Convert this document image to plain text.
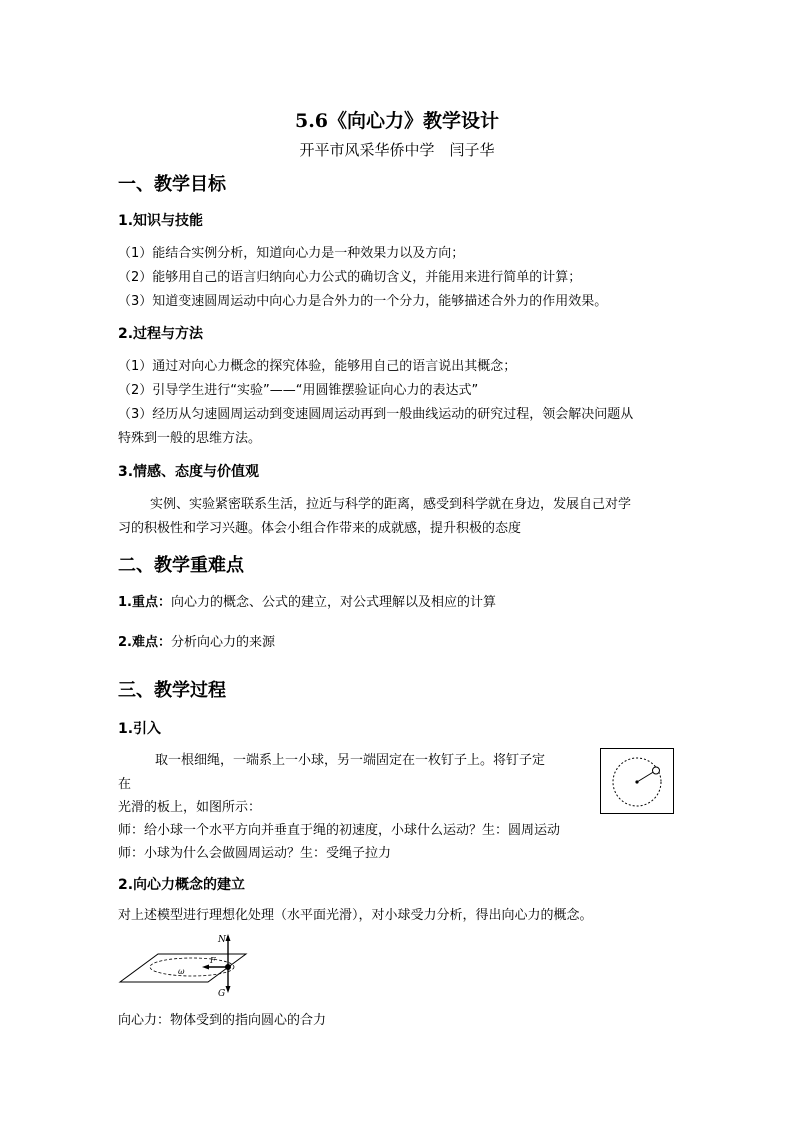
5.6《向心力》教学设计
开平市风采华侨中学　闫子华
一、教学目标
1.知识与技能
（1）能结合实例分析，知道向心力是一种效果力以及方向；
（2）能够用自己的语言归纳向心力公式的确切含义，并能用来进行简单的计算；
（3）知道变速圆周运动中向心力是合外力的一个分力，能够描述合外力的作用效果。
2.过程与方法
（1）通过对向心力概念的探究体验，能够用自己的语言说出其概念；
（2）引导学生进行“实验”——“用圆锥摆验证向心力的表达式”
（3）经历从匀速圆周运动到变速圆周运动再到一般曲线运动的研究过程，领会解决问题从
特殊到一般的思维方法。
3.情感、态度与价值观
实例、实验紧密联系生活，拉近与科学的距离，感受到科学就在身边，发展自己对学
习的积极性和学习兴趣。体会小组合作带来的成就感，提升积极的态度
二、教学重难点
1.重点：向心力的概念、公式的建立，对公式理解以及相应的计算
2.难点：分析向心力的来源
三、教学过程
1.引入
取一根细绳，一端系上一小球，另一端固定在一枚钉子上。将钉子定
在
光滑的板上，如图所示：
师：给小球一个水平方向并垂直于绳的初速度，小球什么运动？生：圆周运动
师：小球为什么会做圆周运动？生：受绳子拉力
2.向心力概念的建立
对上述模型进行理想化处理（水平面光滑），对小球受力分析，得出向心力的概念。
N
F
ω
G
向心力：物体受到的指向圆心的合力
